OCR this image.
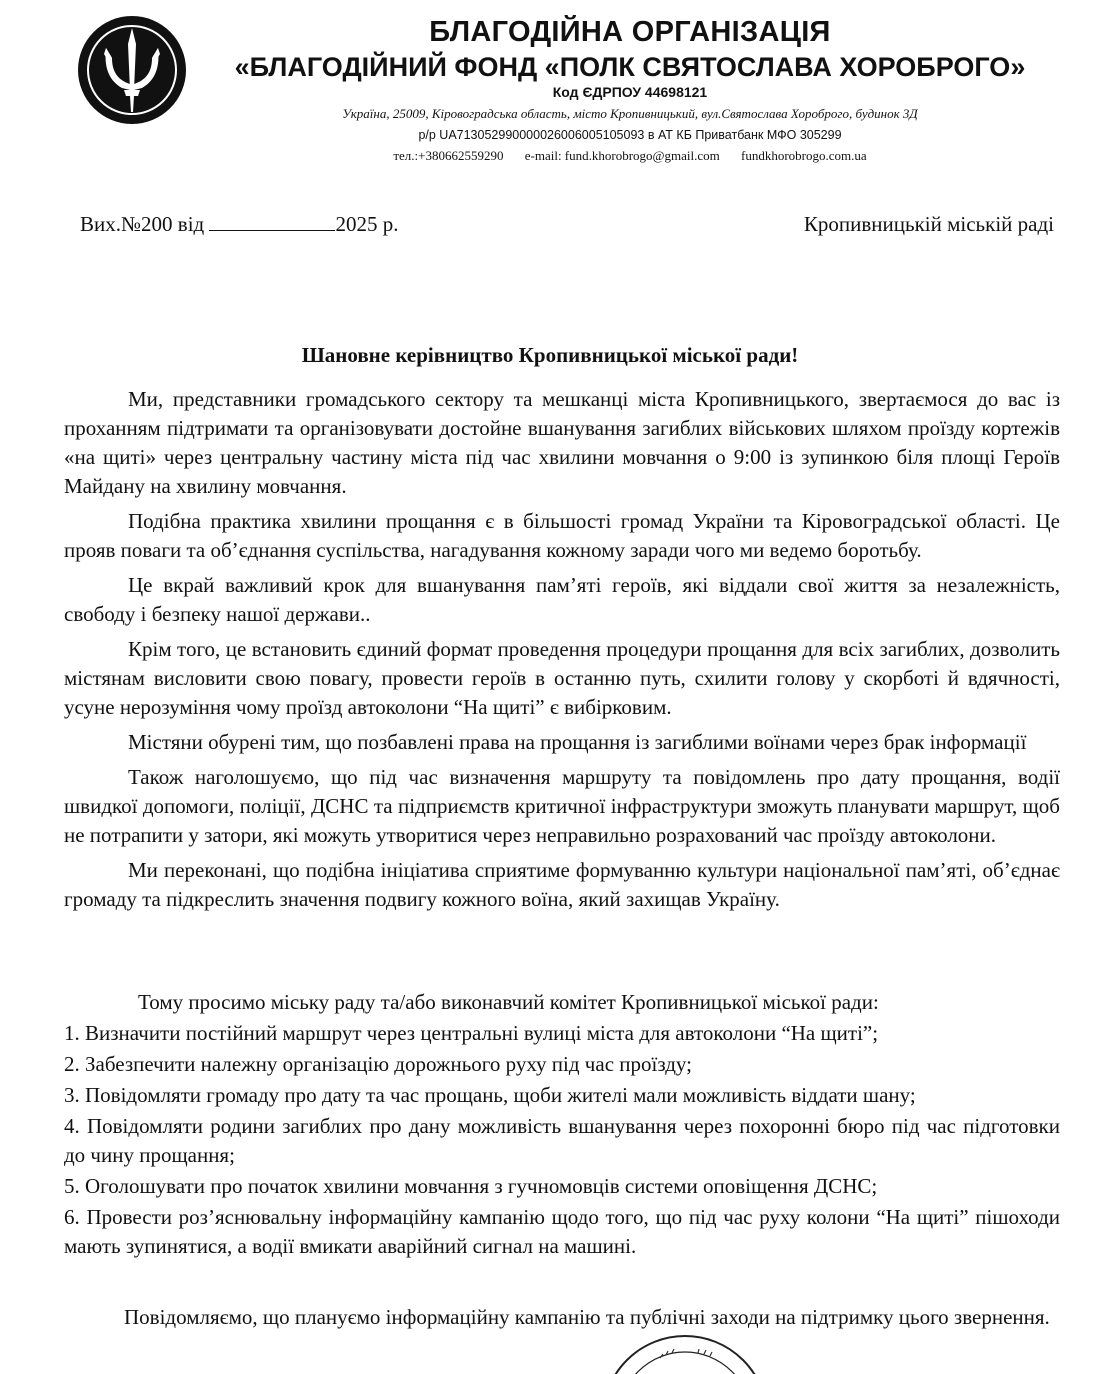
БЛАГОДІЙНА ОРГАНІЗАЦІЯ
«БЛАГОДІЙНИЙ ФОНД «ПОЛК СВЯТОСЛАВА ХОРОБРОГО»
Код ЄДРПОУ 44698121
Україна, 25009, Кіровоградська область, місто Кропивницький, вул.Святослава Хороброго, будинок 3Д
р/р UA713052990000026006005105093 в АТ КБ Приватбанк МФО 305299
тел.:+380662559290 e-mail: fund.khorobrogo@gmail.com fundkhorobrogo.com.ua
Вих.№200 від	2025 р.	Кропивницькій міській раді
Шановне керівництво Кропивницької міської ради!

Ми, представники громадського сектору та мешканці міста Кропивницького, звертаємося до вас із проханням підтримати та організовувати достойне вшанування загиблих військових шляхом проїзду кортежів «на щиті» через центральну частину міста під час хвилини мовчання о 9:00 із зупинкою біля площі Героїв Майдану на хвилину мовчання.

Подібна практика хвилини прощання є в більшості громад України та Кіровоградської області. Це прояв поваги та об’єднання суспільства, нагадування кожному заради чого ми ведемо боротьбу.

Це вкрай важливий крок для вшанування пам’яті героїв, які віддали свої життя за незалежність, свободу і безпеку нашої держави..

Крім того, це встановить єдиний формат проведення процедури прощання для всіх загиблих, дозволить містянам висловити свою повагу, провести героїв в останню путь, схилити голову у скорботі й вдячності, усуне нерозуміння чому проїзд автоколони “На щиті” є вибірковим.

Містяни обурені тим, що позбавлені права на прощання із загиблими воїнами через брак інформації

Також наголошуємо, що під час визначення маршруту та повідомлень про дату прощання, водії швидкої допомоги, поліції, ДСНС та підприємств критичної інфраструктури зможуть планувати маршрут, щоб не потрапити у затори, які можуть утворитися через неправильно розрахований час проїзду автоколони.

Ми переконані, що подібна ініціатива сприятиме формуванню культури національної пам’яті, об’єднає громаду та підкреслить значення подвигу кожного воїна, який захищав Україну.

Тому просимо міську раду та/або виконавчий комітет Кропивницької міської ради:

1. Визначити постійний маршрут через центральні вулиці міста для автоколони “На щиті”;
2. Забезпечити належну організацію дорожнього руху під час проїзду;
3. Повідомляти громаду про дату та час прощань, щоби жителі мали можливість віддати шану;
4. Повідомляти родини загиблих про дану можливість вшанування через похоронні бюро під час підготовки до чину прощання;
5. Оголошувати про початок хвилини мовчання з гучномовців системи оповіщення ДСНС;
6. Провести роз’яснювальну інформаційну кампанію щодо того, що під час руху колони “На щиті” пішоходи мають зупинятися, а водії вмикати аварійний сигнал на машині.

Повідомляємо, що плануємо інформаційну кампанію та публічні заходи на підтримку цього звернення.
